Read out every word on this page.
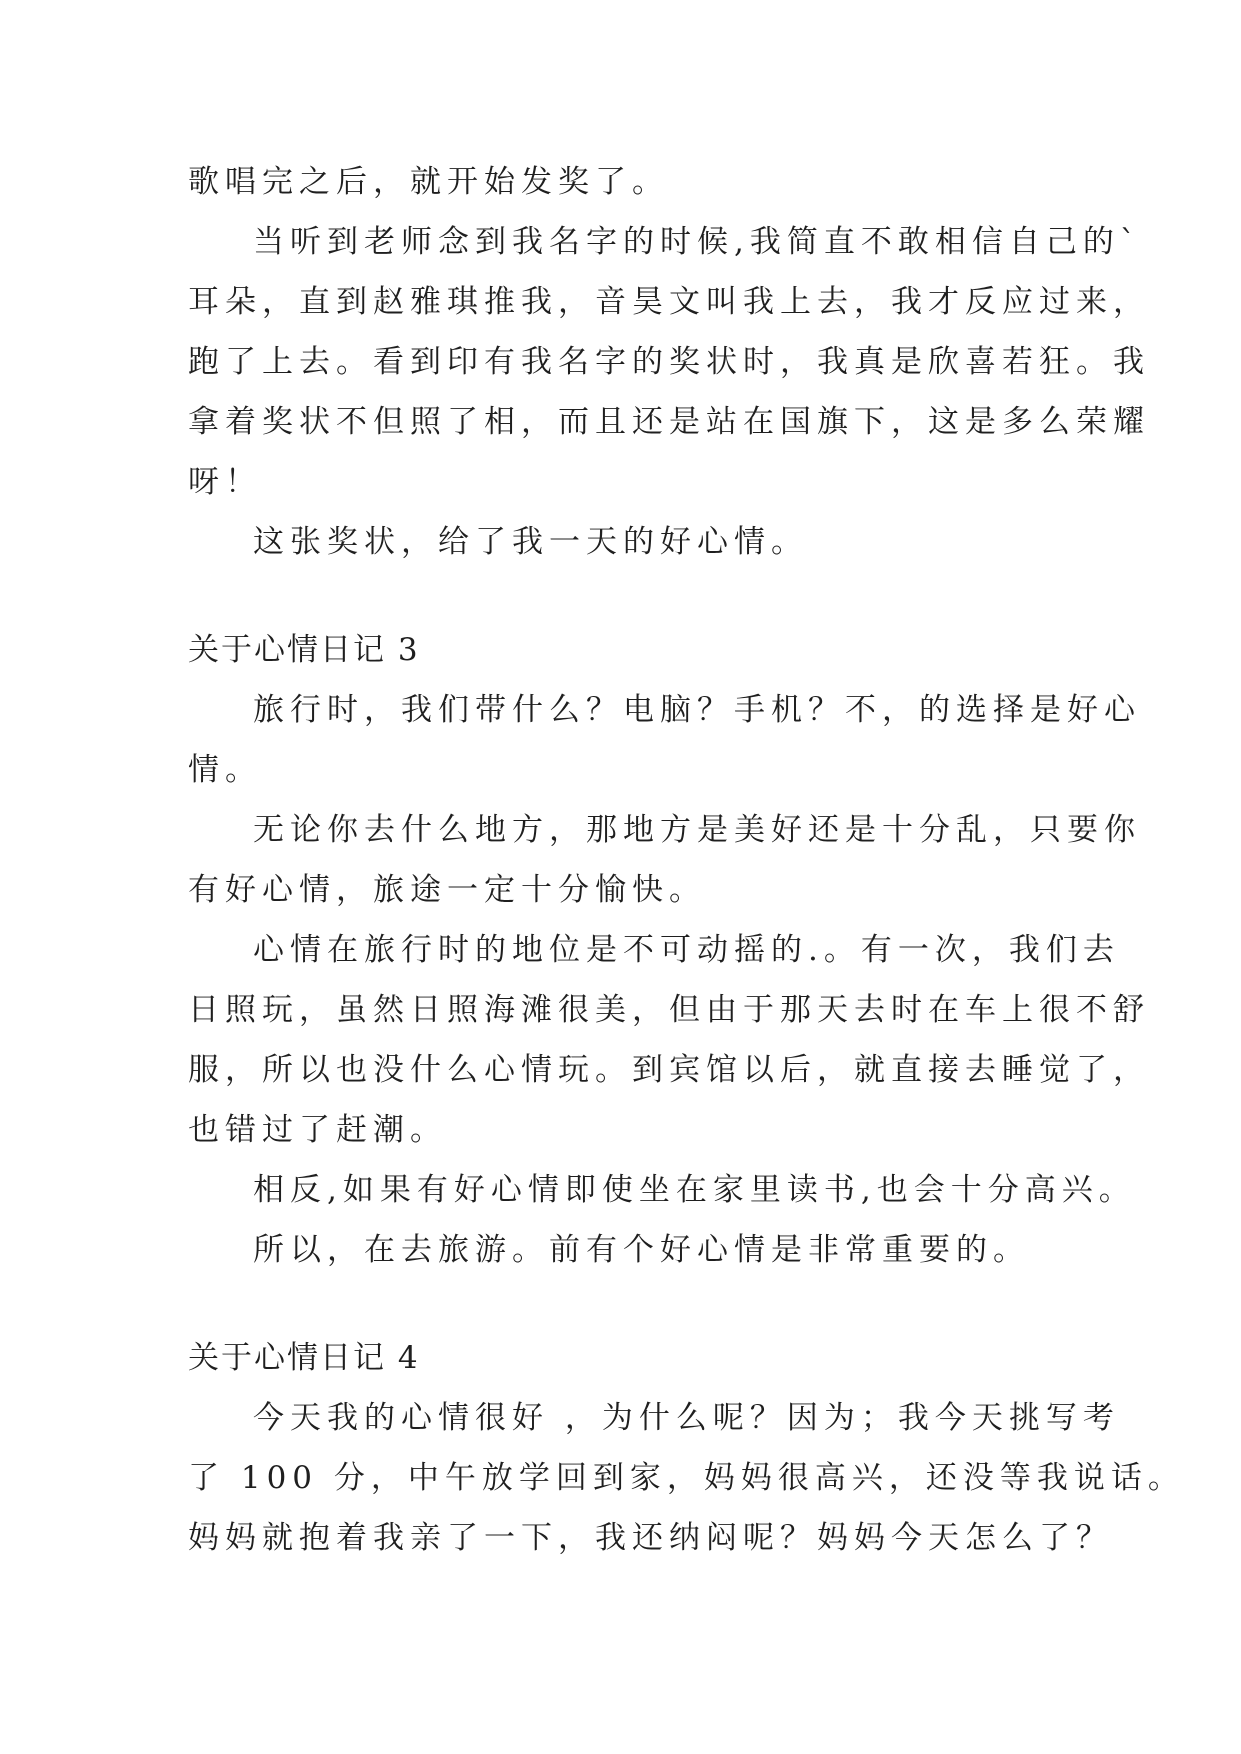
歌唱完之后，就开始发奖了。

当听到老师念到我名字的时候,我简直不敢相信自己的`

耳朵，直到赵雅琪推我，音昊文叫我上去，我才反应过来，

跑了上去。看到印有我名字的奖状时，我真是欣喜若狂。我

拿着奖状不但照了相，而且还是站在国旗下，这是多么荣耀

呀！

这张奖状，给了我一天的好心情。

关于心情日记 3

旅行时，我们带什么？电脑？手机？不，的选择是好心

情。

无论你去什么地方，那地方是美好还是十分乱，只要你

有好心情，旅途一定十分愉快。

心情在旅行时的地位是不可动摇的.。有一次，我们去

日照玩，虽然日照海滩很美，但由于那天去时在车上很不舒

服，所以也没什么心情玩。到宾馆以后，就直接去睡觉了，

也错过了赶潮。

相反,如果有好心情即使坐在家里读书,也会十分高兴。

所以，在去旅游。前有个好心情是非常重要的。

关于心情日记 4

今天我的心情很好 ，为什么呢？因为；我今天挑写考

了 100 分，中午放学回到家，妈妈很高兴，还没等我说话。

妈妈就抱着我亲了一下，我还纳闷呢？妈妈今天怎么了？
